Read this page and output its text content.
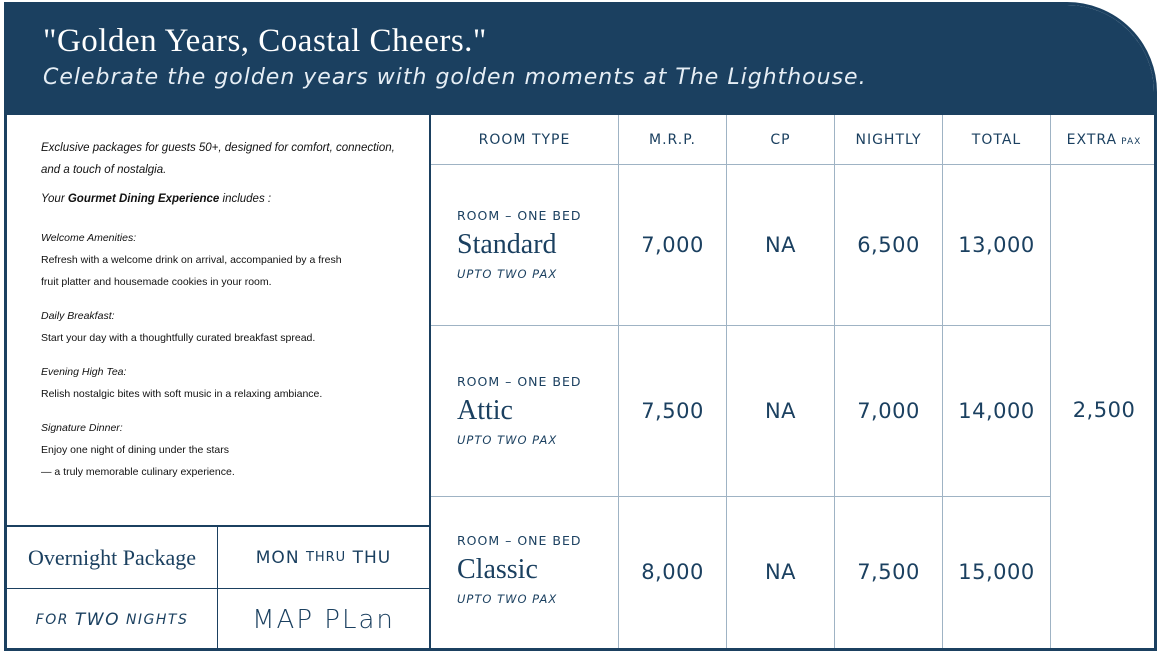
"Golden Years, Coastal Cheers."
Celebrate the golden years with golden moments at The Lighthouse.
Exclusive packages for guests 50+, designed for comfort, connection, and a touch of nostalgia.
Your Gourmet Dining Experience includes :
Welcome Amenities:
Refresh with a welcome drink on arrival, accompanied by a fresh
fruit platter and housemade cookies in your room.
Daily Breakfast:
Start your day with a thoughtfully curated breakfast spread.
Evening High Tea:
Relish nostalgic bites with soft music in a relaxing ambiance.
Signature Dinner:
Enjoy one night of dining under the stars
— a truly memorable culinary experience.
Overnight Package	MON
THRU
THU
FOR
TWO
NIGHTS	MAP PLan
ROOM TYPE	M.R.P.	CP	NIGHTLY	TOTAL	EXTRA PAX
ROOM – ONE BED
Standard
UPTO TWO PAX
7,000	NA	6,500	13,000
ROOM – ONE BED
Attic
UPTO TWO PAX
7,500	NA	7,000	14,000
ROOM – ONE BED
Classic
UPTO TWO PAX
8,000	NA	7,500	15,000
2,500
